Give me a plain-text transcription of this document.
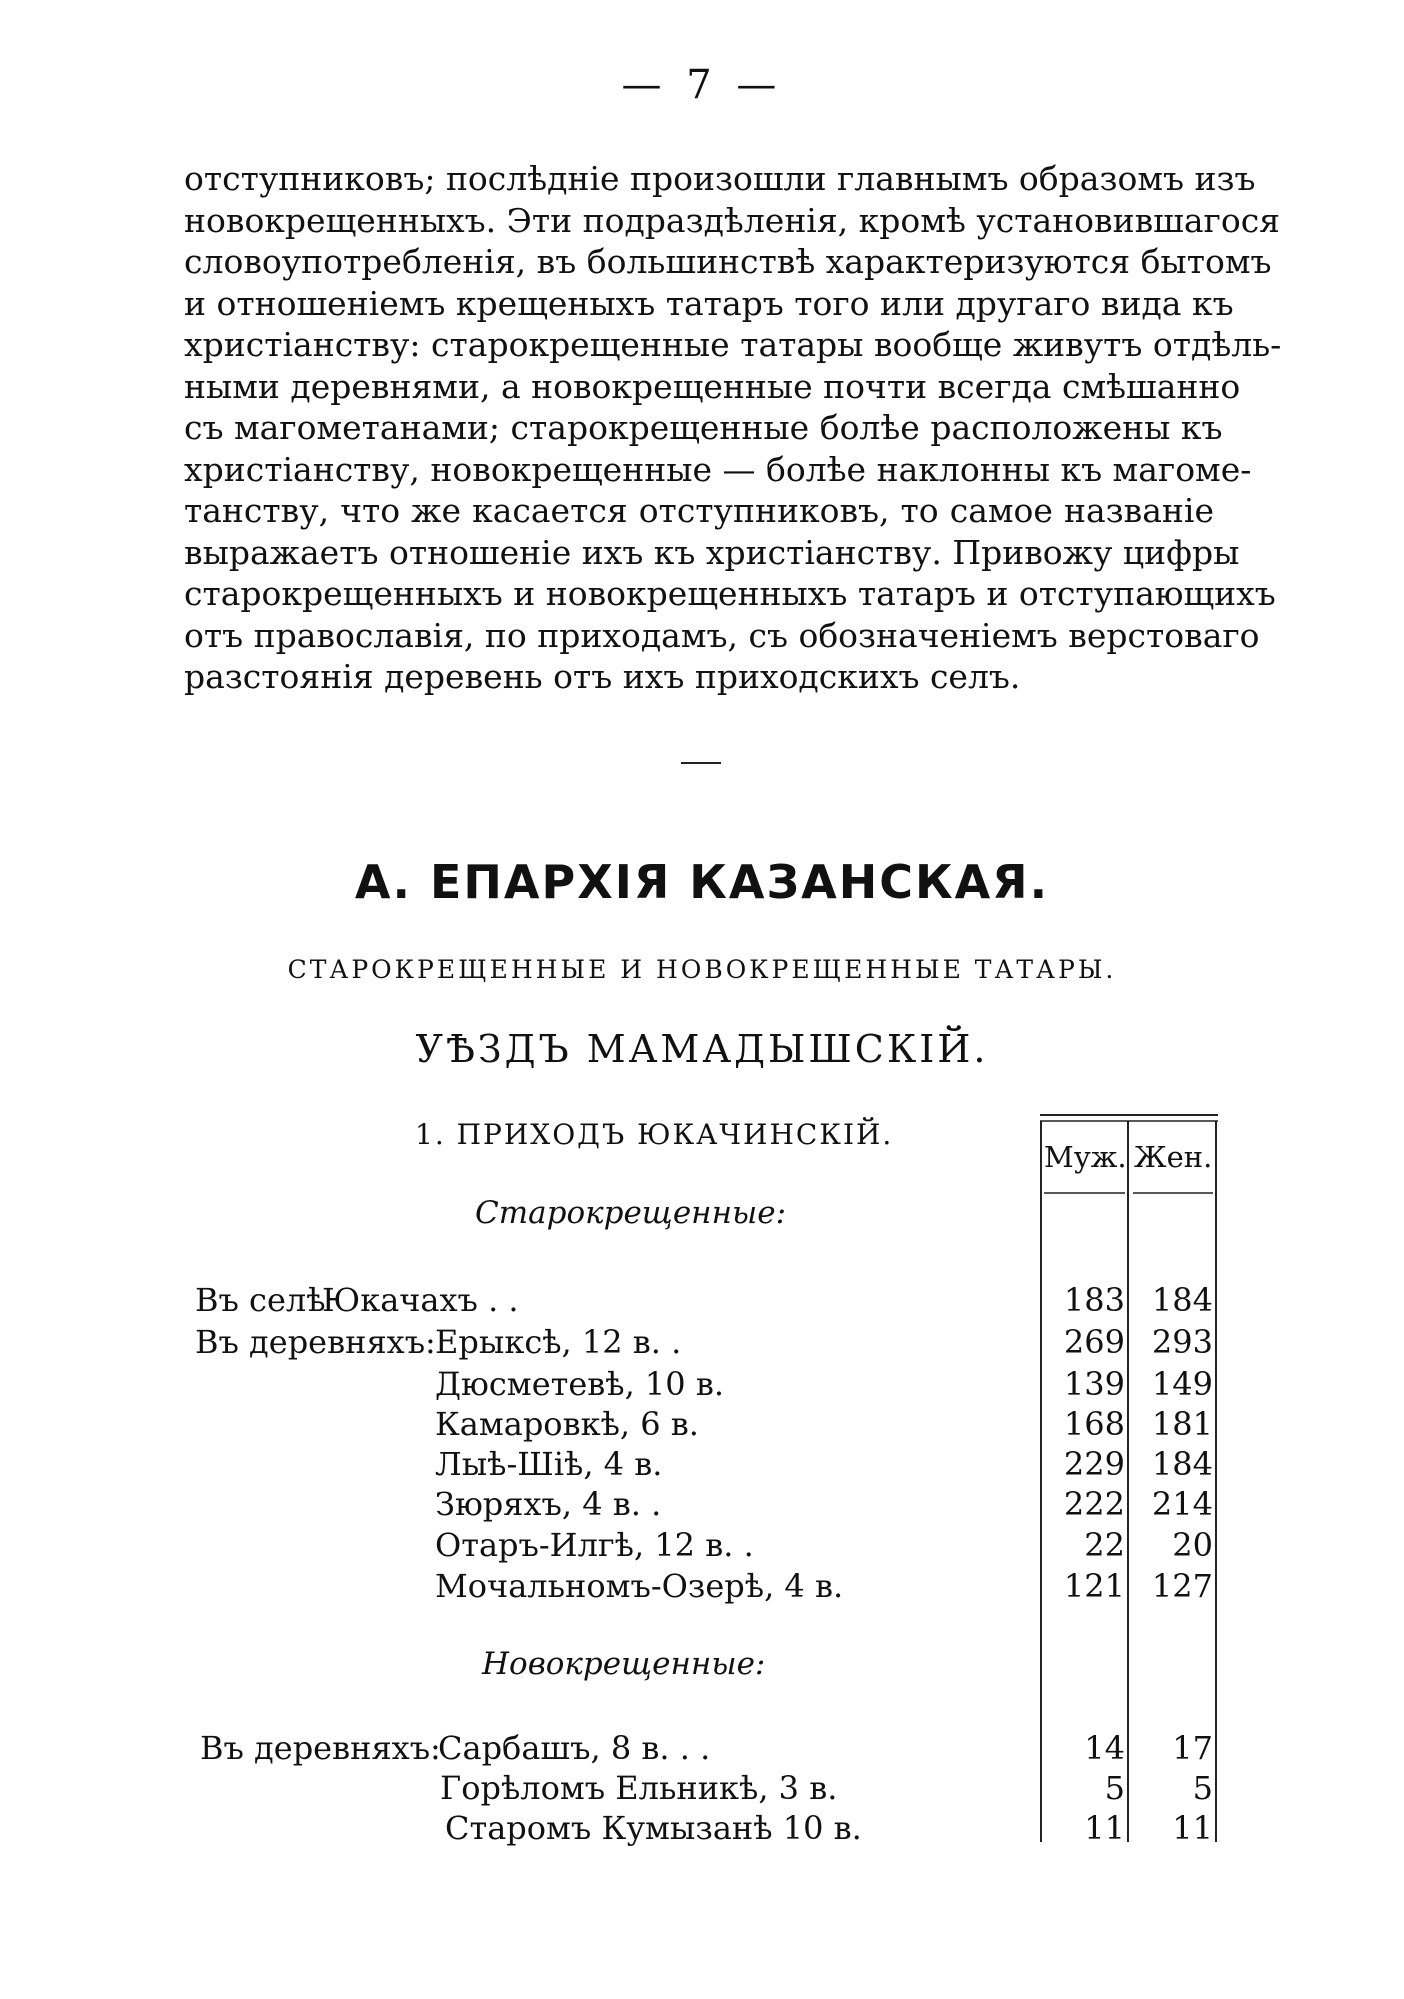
— 7 —
отступниковъ; послѣдніе произошли главнымъ образомъ изъ
новокрещенныхъ. Эти подраздѣленія, кромѣ установившагося
словоупотребленія, въ большинствѣ характеризуются бытомъ
и отношеніемъ крещеныхъ татаръ того или другаго вида къ
христіанству: старокрещенные татары вообще живутъ отдѣль-
ными деревнями, а новокрещенные почти всегда смѣшанно
съ магометанами; старокрещенные болѣе расположены къ
христіанству, новокрещенные — болѣе наклонны къ магоме-
танству, что же касается отступниковъ, то самое названіе
выражаетъ отношеніе ихъ къ христіанству. Привожу цифры
старокрещенныхъ и новокрещенныхъ татаръ и отступающихъ
отъ православія, по приходамъ, съ обозначеніемъ верстоваго
разстоянія деревень отъ ихъ приходскихъ селъ.
А. ЕПАРХІЯ КАЗАНСКАЯ.
СТАРОКРЕЩЕННЫЕ И НОВОКРЕЩЕННЫЕ ТАТАРЫ.
УѢЗДЪ МАМАДЫШСКІЙ.
1. ПРИХОДЪ ЮКАЧИНСКІЙ.
Муж. Жен.
Старокрещенные:
Въ селѣ
Юкачахъ . .	183 184
Въ деревняхъ: Ерыксѣ, 12 в. .	269 293
Дюсметевѣ, 10 в.	139 149
Камаровкѣ, 6 в.	168 181
Лыѣ-Шіѣ, 4 в.	229 184
Зюряхъ, 4 в. .	222 214
Отаръ-Илгѣ, 12 в. .	22	20
Мочальномъ-Озерѣ, 4 в.	121 127
Новокрещенные:
Въ деревняхъ:
Сарбашъ, 8 в. . .	14	17
Горѣломъ Ельникѣ, 3 в.	5	5
Старомъ Кумызанѣ 10 в.	11	11
